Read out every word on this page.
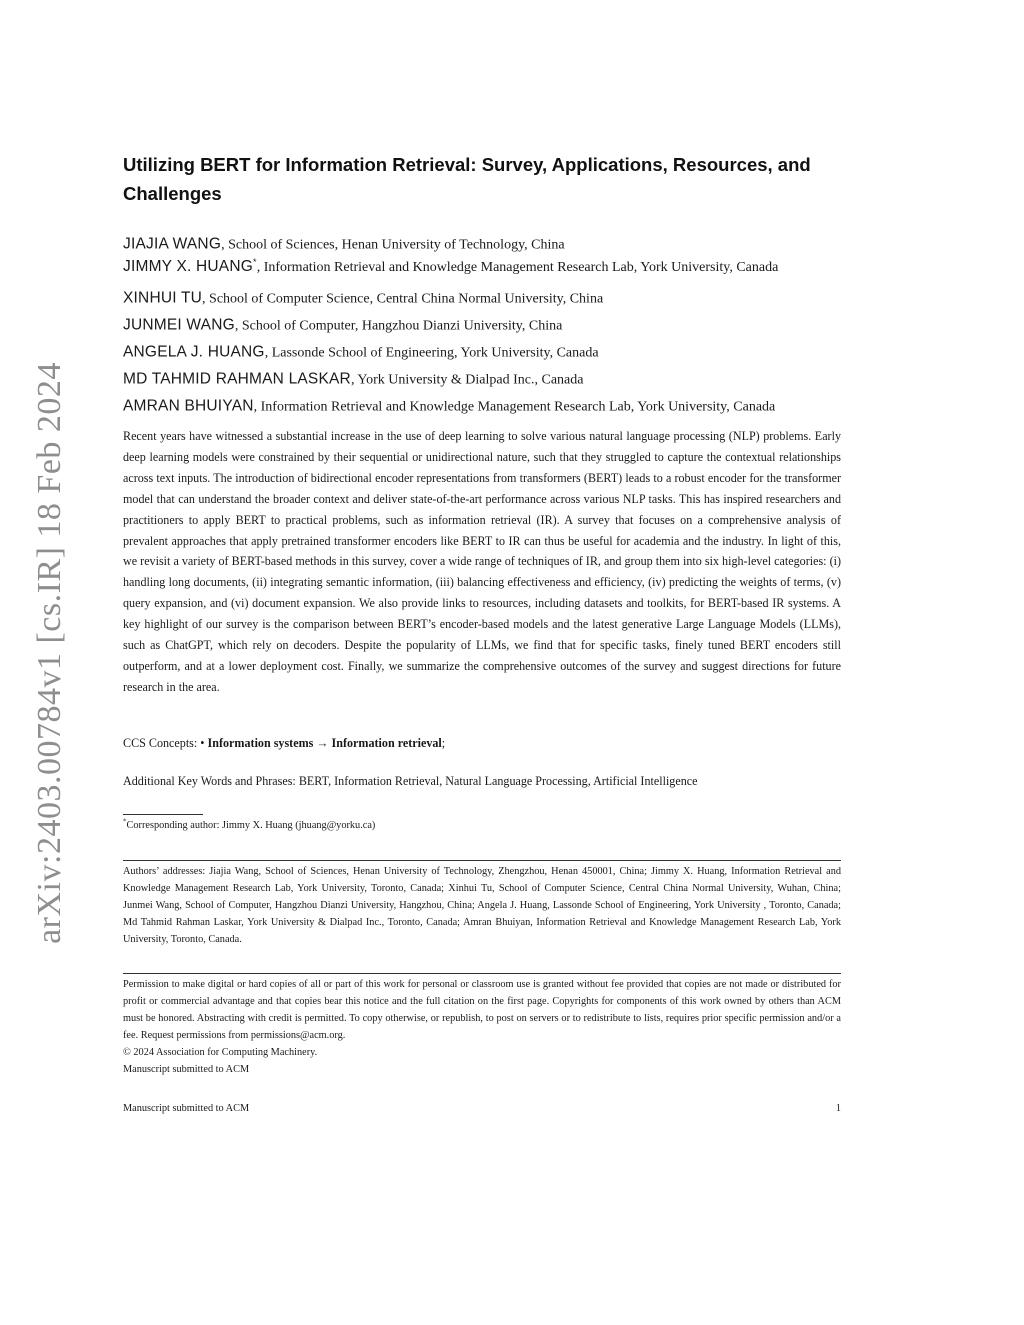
arXiv:2403.00784v1 [cs.IR] 18 Feb 2024
Utilizing BERT for Information Retrieval: Survey, Applications, Resources, and Challenges
JIAJIA WANG, School of Sciences, Henan University of Technology, China
JIMMY X. HUANG*, Information Retrieval and Knowledge Management Research Lab, York University, Canada
XINHUI TU, School of Computer Science, Central China Normal University, China
JUNMEI WANG, School of Computer, Hangzhou Dianzi University, China
ANGELA J. HUANG, Lassonde School of Engineering, York University, Canada
MD TAHMID RAHMAN LASKAR, York University & Dialpad Inc., Canada
AMRAN BHUIYAN, Information Retrieval and Knowledge Management Research Lab, York University, Canada

Recent years have witnessed a substantial increase in the use of deep learning to solve various natural language processing (NLP) problems. Early deep learning models were constrained by their sequential or unidirectional nature, such that they struggled to capture the contextual relationships across text inputs. The introduction of bidirectional encoder representations from transformers (BERT) leads to a robust encoder for the transformer model that can understand the broader context and deliver state-of-the-art performance across various NLP tasks. This has inspired researchers and practitioners to apply BERT to practical problems, such as information retrieval (IR). A survey that focuses on a comprehensive analysis of prevalent approaches that apply pretrained transformer encoders like BERT to IR can thus be useful for academia and the industry. In light of this, we revisit a variety of BERT-based methods in this survey, cover a wide range of techniques of IR, and group them into six high-level categories: (i) handling long documents, (ii) integrating semantic information, (iii) balancing effectiveness and efficiency, (iv) predicting the weights of terms, (v) query expansion, and (vi) document expansion. We also provide links to resources, including datasets and toolkits, for BERT-based IR systems. A key highlight of our survey is the comparison between BERT’s encoder-based models and the latest generative Large Language Models (LLMs), such as ChatGPT, which rely on decoders. Despite the popularity of LLMs, we find that for specific tasks, finely tuned BERT encoders still outperform, and at a lower deployment cost. Finally, we summarize the comprehensive outcomes of the survey and suggest directions for future research in the area.

CCS Concepts: • Information systems → Information retrieval;

Additional Key Words and Phrases: BERT, Information Retrieval, Natural Language Processing, Artificial Intelligence

*Corresponding author: Jimmy X. Huang (jhuang@yorku.ca)

Authors’ addresses: Jiajia Wang, School of Sciences, Henan University of Technology, Zhengzhou, Henan 450001, China; Jimmy X. Huang, Information Retrieval and Knowledge Management Research Lab, York University, Toronto, Canada; Xinhui Tu, School of Computer Science, Central China Normal University, Wuhan, China; Junmei Wang, School of Computer, Hangzhou Dianzi University, Hangzhou, China; Angela J. Huang, Lassonde School of Engineering, York University , Toronto, Canada; Md Tahmid Rahman Laskar, York University & Dialpad Inc., Toronto, Canada; Amran Bhuiyan, Information Retrieval and Knowledge Management Research Lab, York University, Toronto, Canada.

Permission to make digital or hard copies of all or part of this work for personal or classroom use is granted without fee provided that copies are not made or distributed for profit or commercial advantage and that copies bear this notice and the full citation on the first page. Copyrights for components of this work owned by others than ACM must be honored. Abstracting with credit is permitted. To copy otherwise, or republish, to post on servers or to redistribute to lists, requires prior specific permission and/or a fee. Request permissions from permissions@acm.org.

© 2024 Association for Computing Machinery.

Manuscript submitted to ACM

Manuscript submitted to ACM	1
